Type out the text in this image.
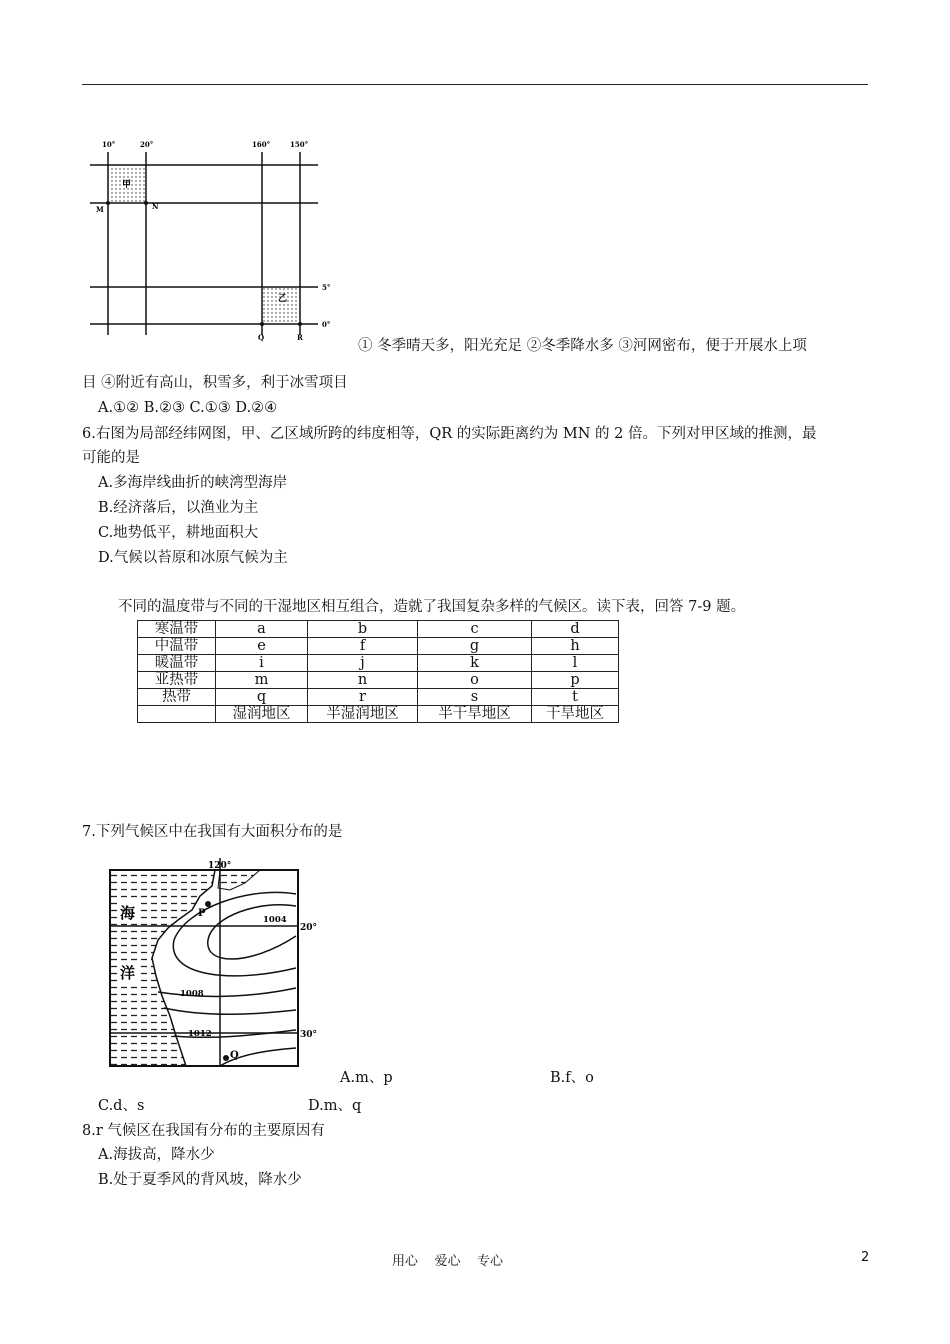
10°	20°	160°	150°
5°
0°
甲
乙
M	N
Q	R
① 冬季晴天多，阳光充足 ②冬季降水多 ③河网密布，便于开展水上项
目 ④附近有高山，积雪多，利于冰雪项目
A.①② B.②③ C.①③ D.②④
6.右图为局部经纬网图，甲、乙区域所跨的纬度相等，QR 的实际距离约为 MN 的 2 倍。下列对甲区域的推测，最
可能的是
A.多海岸线曲折的峡湾型海岸
B.经济落后，以渔业为主
C.地势低平，耕地面积大
D.气候以苔原和冰原气候为主
不同的温度带与不同的干湿地区相互组合，造就了我国复杂多样的气候区。读下表，回答 7-9 题。
寒温带	a	b	c	d
中温带	e	f	g	h
暖温带	i	j	k	l
亚热带	m	n	o	p
热带	q	r	s	t
	湿润地区	半湿润地区	半干旱地区	干旱地区
7.下列气候区中在我国有大面积分布的是
120°
20°
30°
1004
1008
1012
海
洋
P
Q
A.m、p	B.f、o
C.d、s	D.m、q
8.r 气候区在我国有分布的主要原因有
A.海拔高，降水少
B.处于夏季风的背风坡，降水少
用心    爱心    专心	2
